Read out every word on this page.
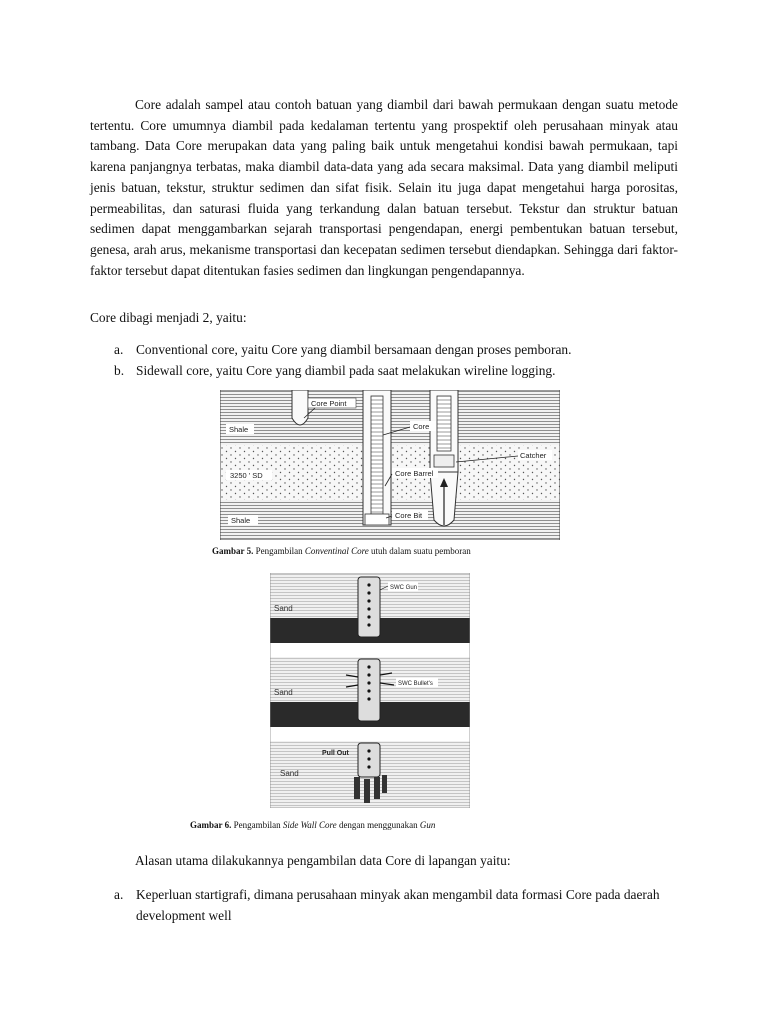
Core adalah sampel atau contoh batuan yang diambil dari bawah permukaan dengan suatu metode tertentu. Core umumnya diambil pada kedalaman tertentu yang prospektif oleh perusahaan minyak atau tambang. Data Core merupakan data yang paling baik untuk mengetahui kondisi bawah permukaan, tapi karena panjangnya terbatas, maka diambil data-data yang ada secara maksimal. Data yang diambil meliputi jenis batuan, tekstur, struktur sedimen dan sifat fisik. Selain itu juga dapat mengetahui harga porositas, permeabilitas, dan saturasi fluida yang terkandung dalan batuan tersebut. Tekstur dan struktur batuan sedimen dapat menggambarkan sejarah transportasi pengendapan, energi pembentukan batuan tersebut, genesa, arah arus, mekanisme transportasi dan kecepatan sedimen tersebut diendapkan. Sehingga dari faktor-faktor tersebut dapat ditentukan fasies sedimen dan lingkungan pengendapannya.

Core dibagi menjadi 2, yaitu:

a. Conventional core, yaitu Core yang diambil bersamaan dengan proses pemboran.
b. Sidewall core, yaitu Core yang diambil pada saat melakukan wireline logging.
Core Point
Shale	Core
Catcher
3250 ' SD	Core Barrel
Core Bit
Shale
Gambar 5. Pengambilan Conventinal Core utuh dalam suatu pemboran
SWC Gun
Sand
SWC Bullet's
Sand
Pull Out
Sand
Gambar 6. Pengambilan Side Wall Core dengan menggunakan Gun

Alasan utama dilakukannya pengambilan data Core di lapangan yaitu:

a. Keperluan startigrafi, dimana perusahaan minyak akan mengambil data formasi Core pada daerah development well
